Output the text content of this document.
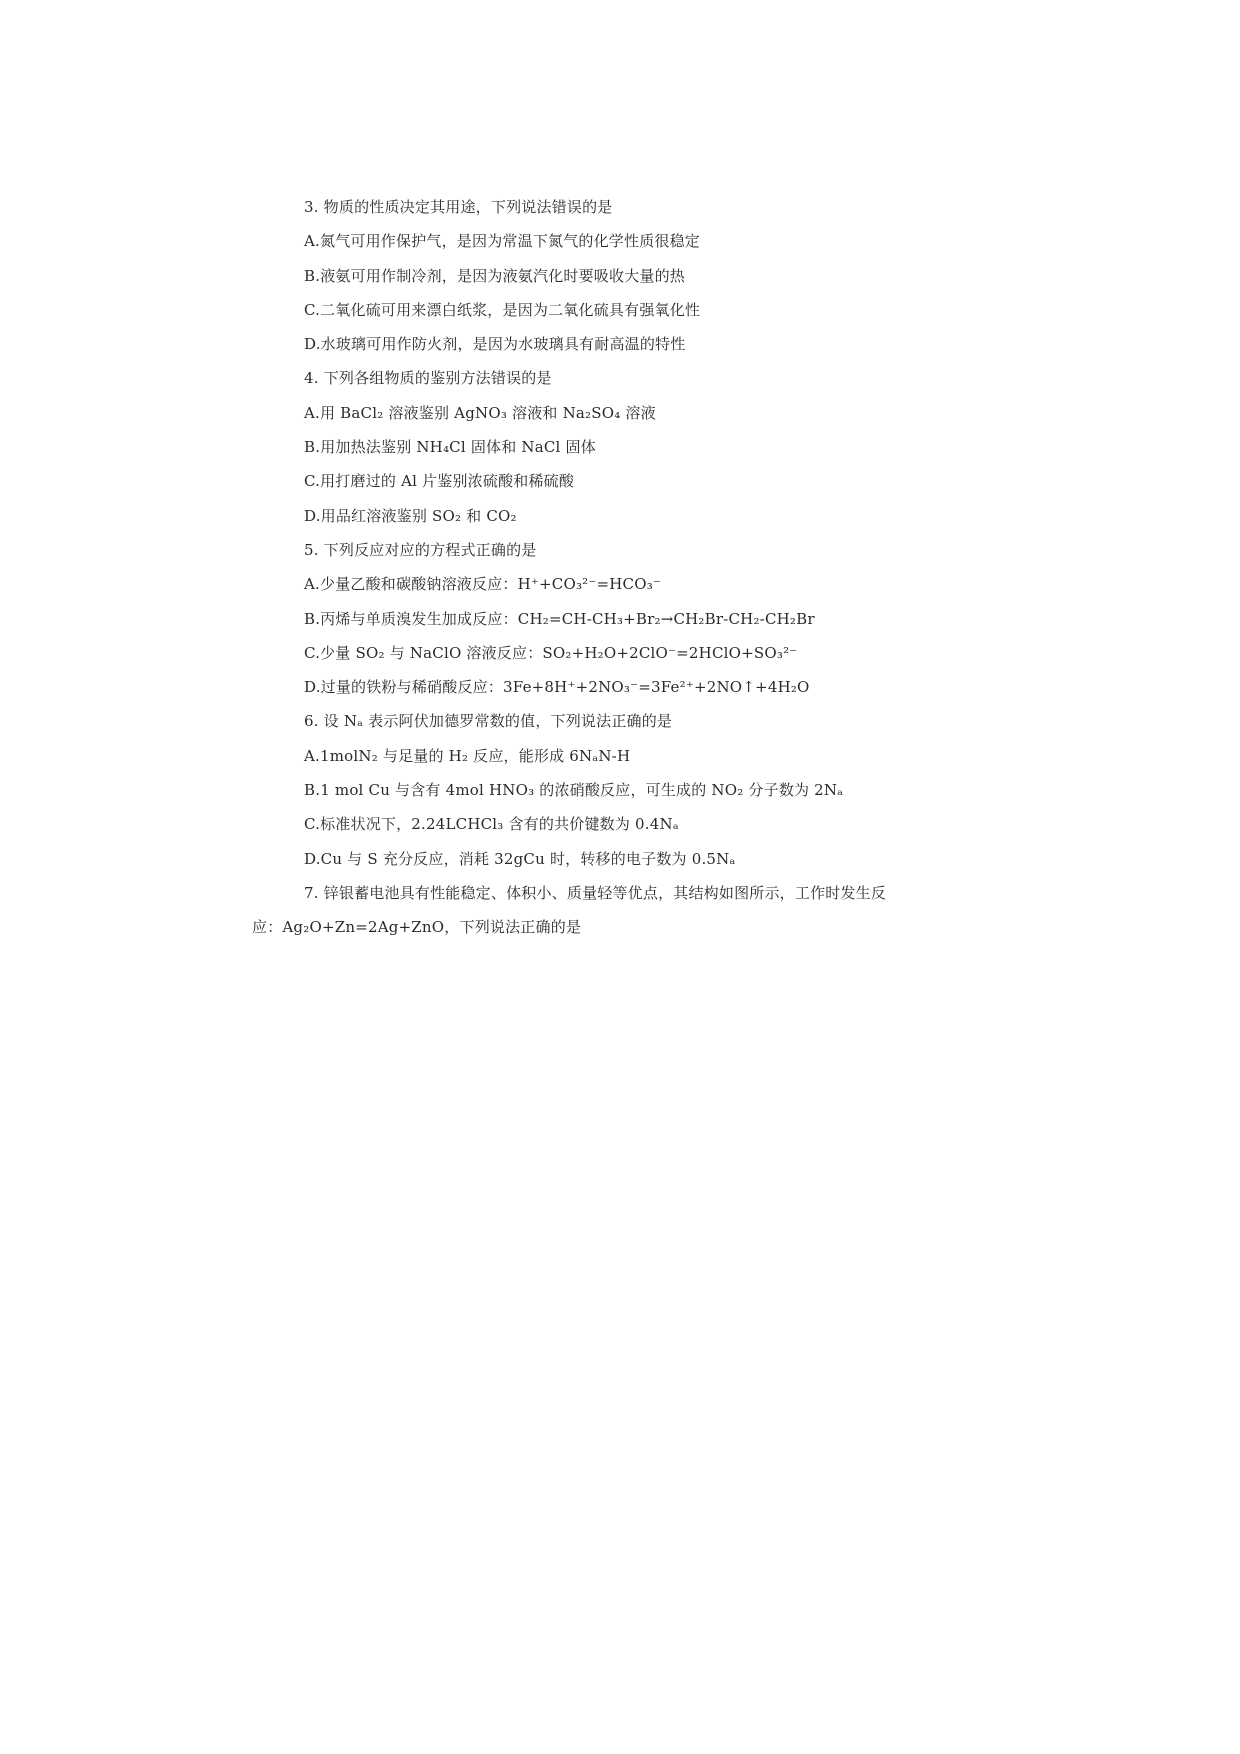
3. 物质的性质决定其用途，下列说法错误的是
A.氮气可用作保护气，是因为常温下氮气的化学性质很稳定
B.液氨可用作制冷剂，是因为液氨汽化时要吸收大量的热
C.二氧化硫可用来漂白纸浆，是因为二氧化硫具有强氧化性
D.水玻璃可用作防火剂，是因为水玻璃具有耐高温的特性
4. 下列各组物质的鉴别方法错误的是
A.用 BaCl₂ 溶液鉴别 AgNO₃ 溶液和 Na₂SO₄ 溶液
B.用加热法鉴别 NH₄Cl 固体和 NaCl 固体
C.用打磨过的 Al 片鉴别浓硫酸和稀硫酸
D.用品红溶液鉴别 SO₂ 和 CO₂
5. 下列反应对应的方程式正确的是
A.少量乙酸和碳酸钠溶液反应：H⁺+CO₃²⁻=HCO₃⁻
B.丙烯与单质溴发生加成反应：CH₂=CH-CH₃+Br₂→CH₂Br-CH₂-CH₂Br
C.少量 SO₂ 与 NaClO 溶液反应：SO₂+H₂O+2ClO⁻=2HClO+SO₃²⁻
D.过量的铁粉与稀硝酸反应：3Fe+8H⁺+2NO₃⁻=3Fe²⁺+2NO↑+4H₂O
6. 设 Nₐ 表示阿伏加德罗常数的值，下列说法正确的是
A.1molN₂ 与足量的 H₂ 反应，能形成 6NₐN-H
B.1 mol Cu 与含有 4mol HNO₃ 的浓硝酸反应，可生成的 NO₂ 分子数为 2Nₐ
C.标准状况下，2.24LCHCl₃ 含有的共价键数为 0.4Nₐ
D.Cu 与 S 充分反应，消耗 32gCu 时，转移的电子数为 0.5Nₐ
7. 锌银蓄电池具有性能稳定、体积小、质量轻等优点，其结构如图所示，工作时发生反
应：Ag₂O+Zn=2Ag+ZnO，下列说法正确的是
